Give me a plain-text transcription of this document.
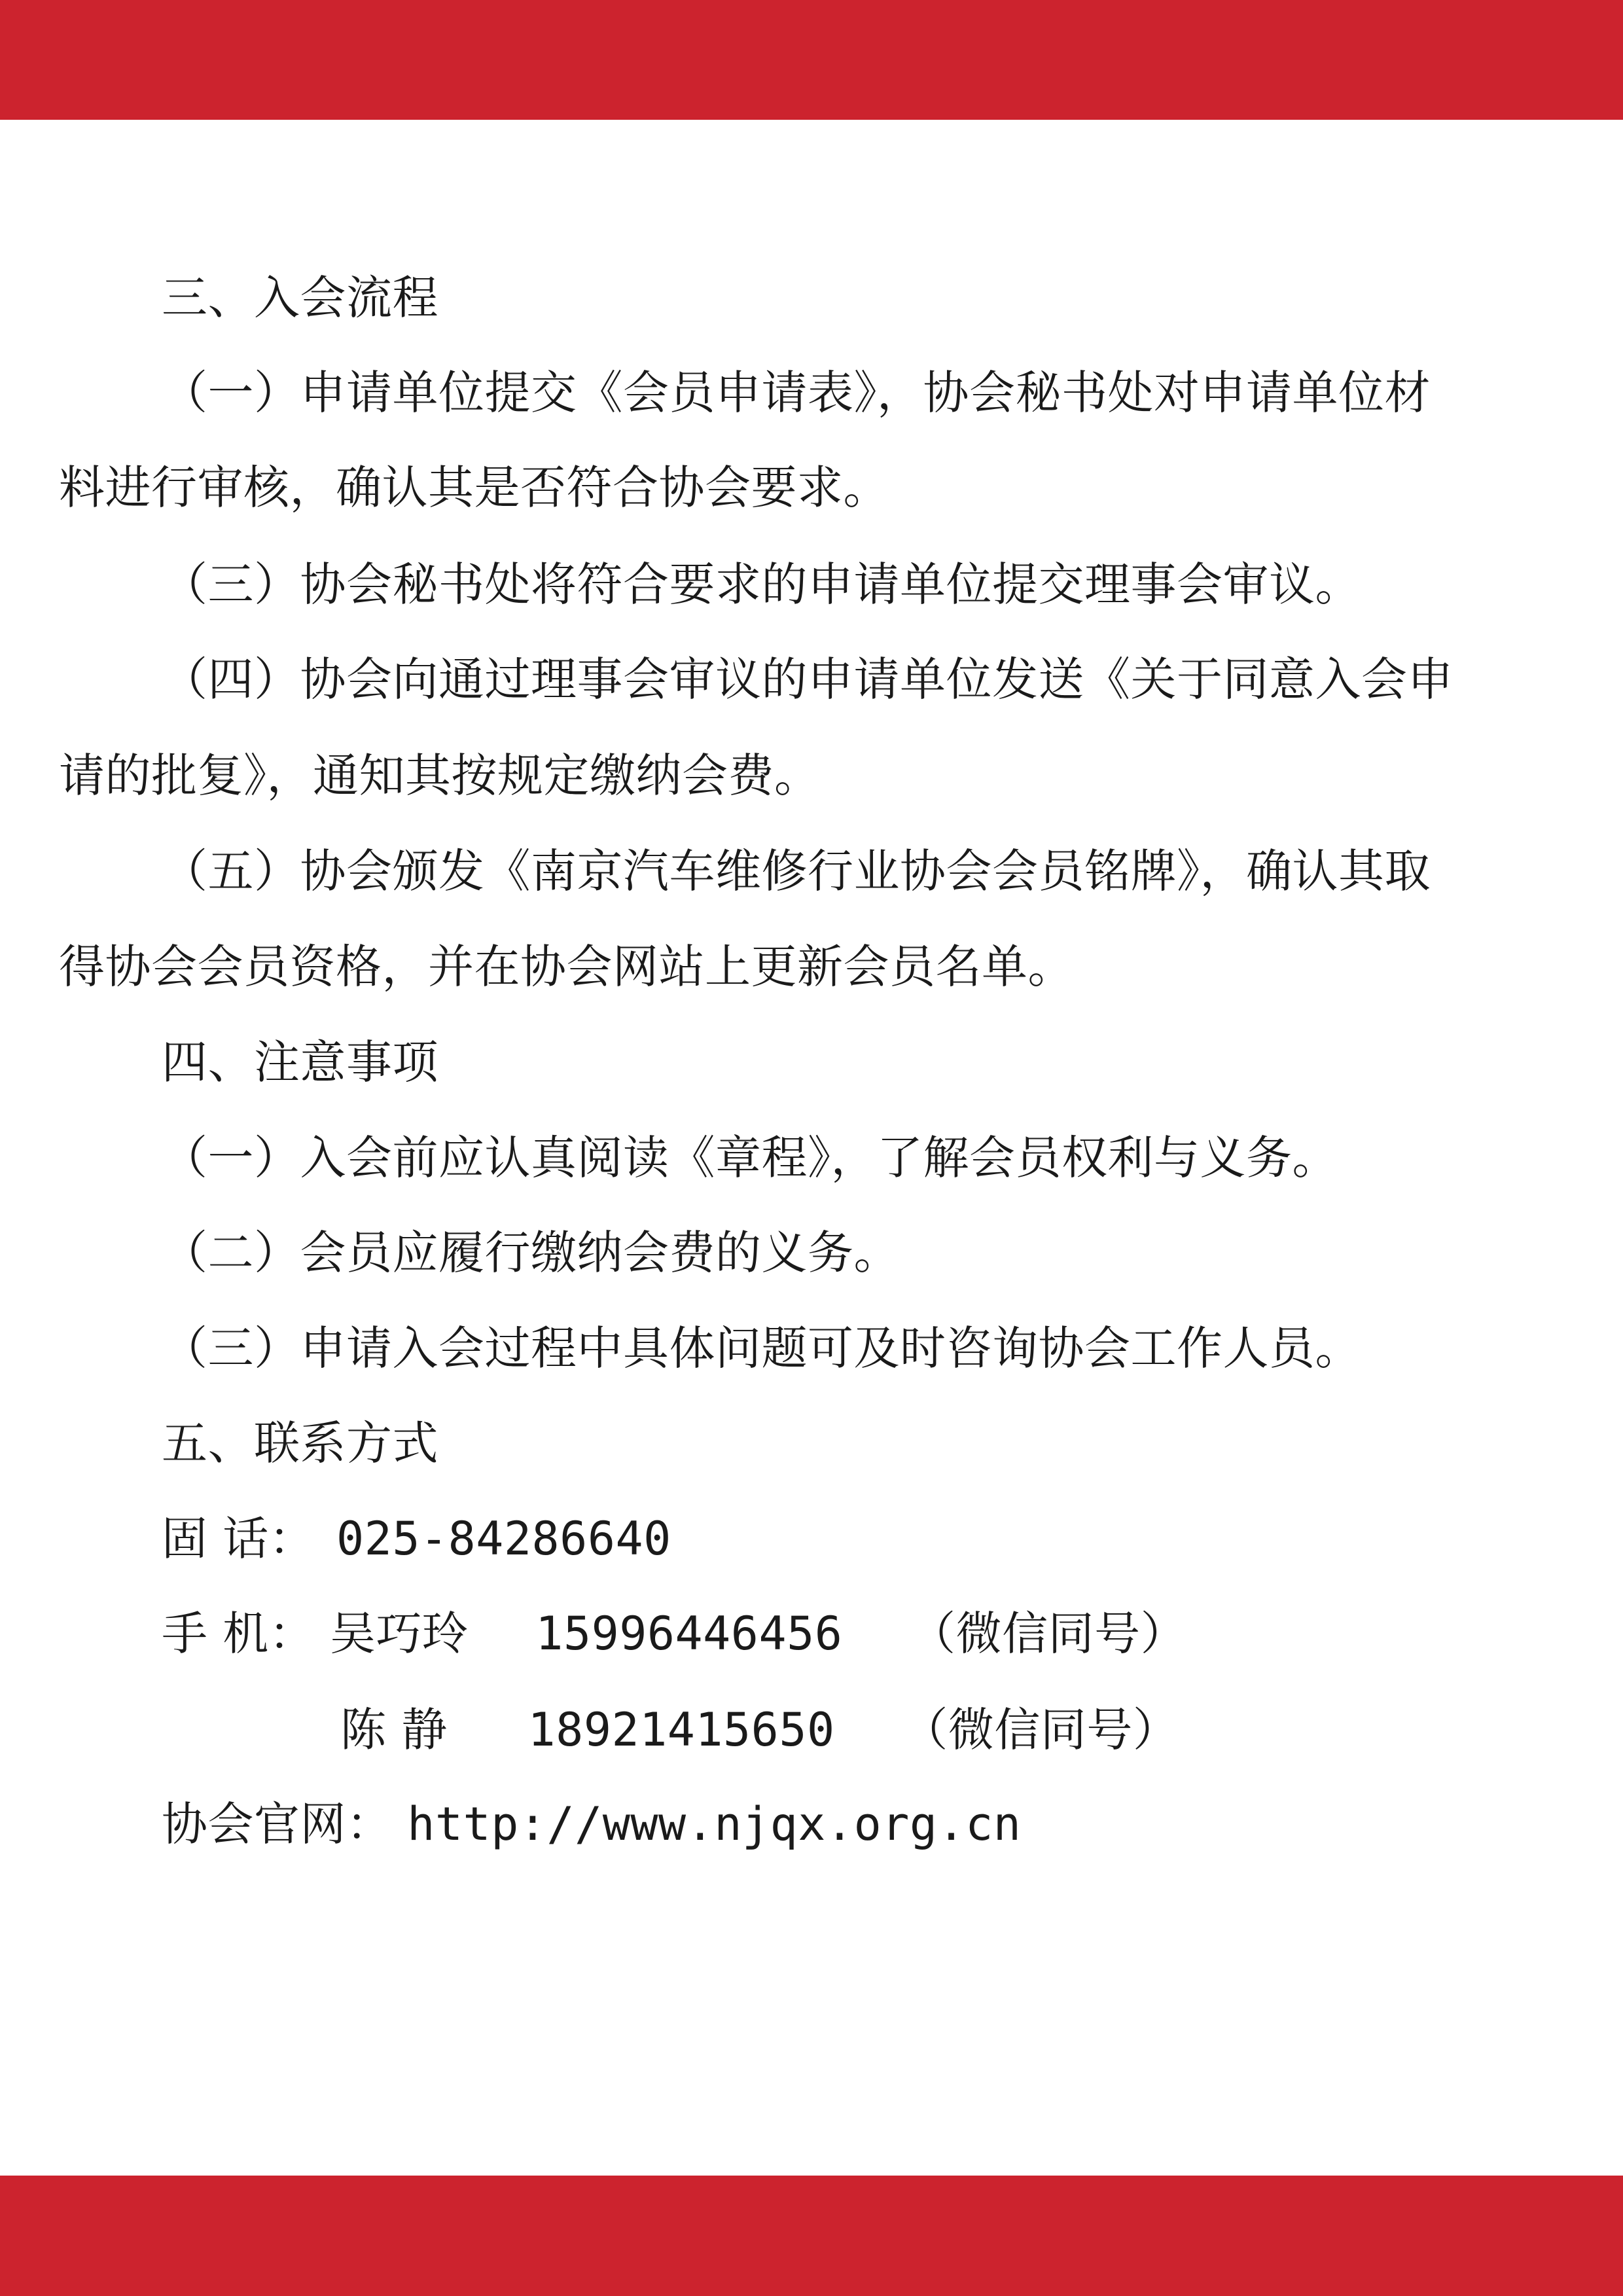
三、入会流程
（一）申请单位提交《会员申请表》，协会秘书处对申请单位材
料进行审核，确认其是否符合协会要求。
（三）协会秘书处将符合要求的申请单位提交理事会审议。
（四）协会向通过理事会审议的申请单位发送《关于同意入会申
请的批复》，通知其按规定缴纳会费。
（五）协会颁发《南京汽车维修行业协会会员铭牌》，确认其取
得协会会员资格，并在协会网站上更新会员名单。
四、注意事项
（一）入会前应认真阅读《章程》，了解会员权利与义务。
（二）会员应履行缴纳会费的义务。
（三）申请入会过程中具体问题可及时咨询协会工作人员。
五、联系方式
固 话： 025-84286640
手 机： 吴巧玲 15996446456 （微信同号）
陈 静 18921415650 （微信同号）
协会官网： http://www.njqx.org.cn
